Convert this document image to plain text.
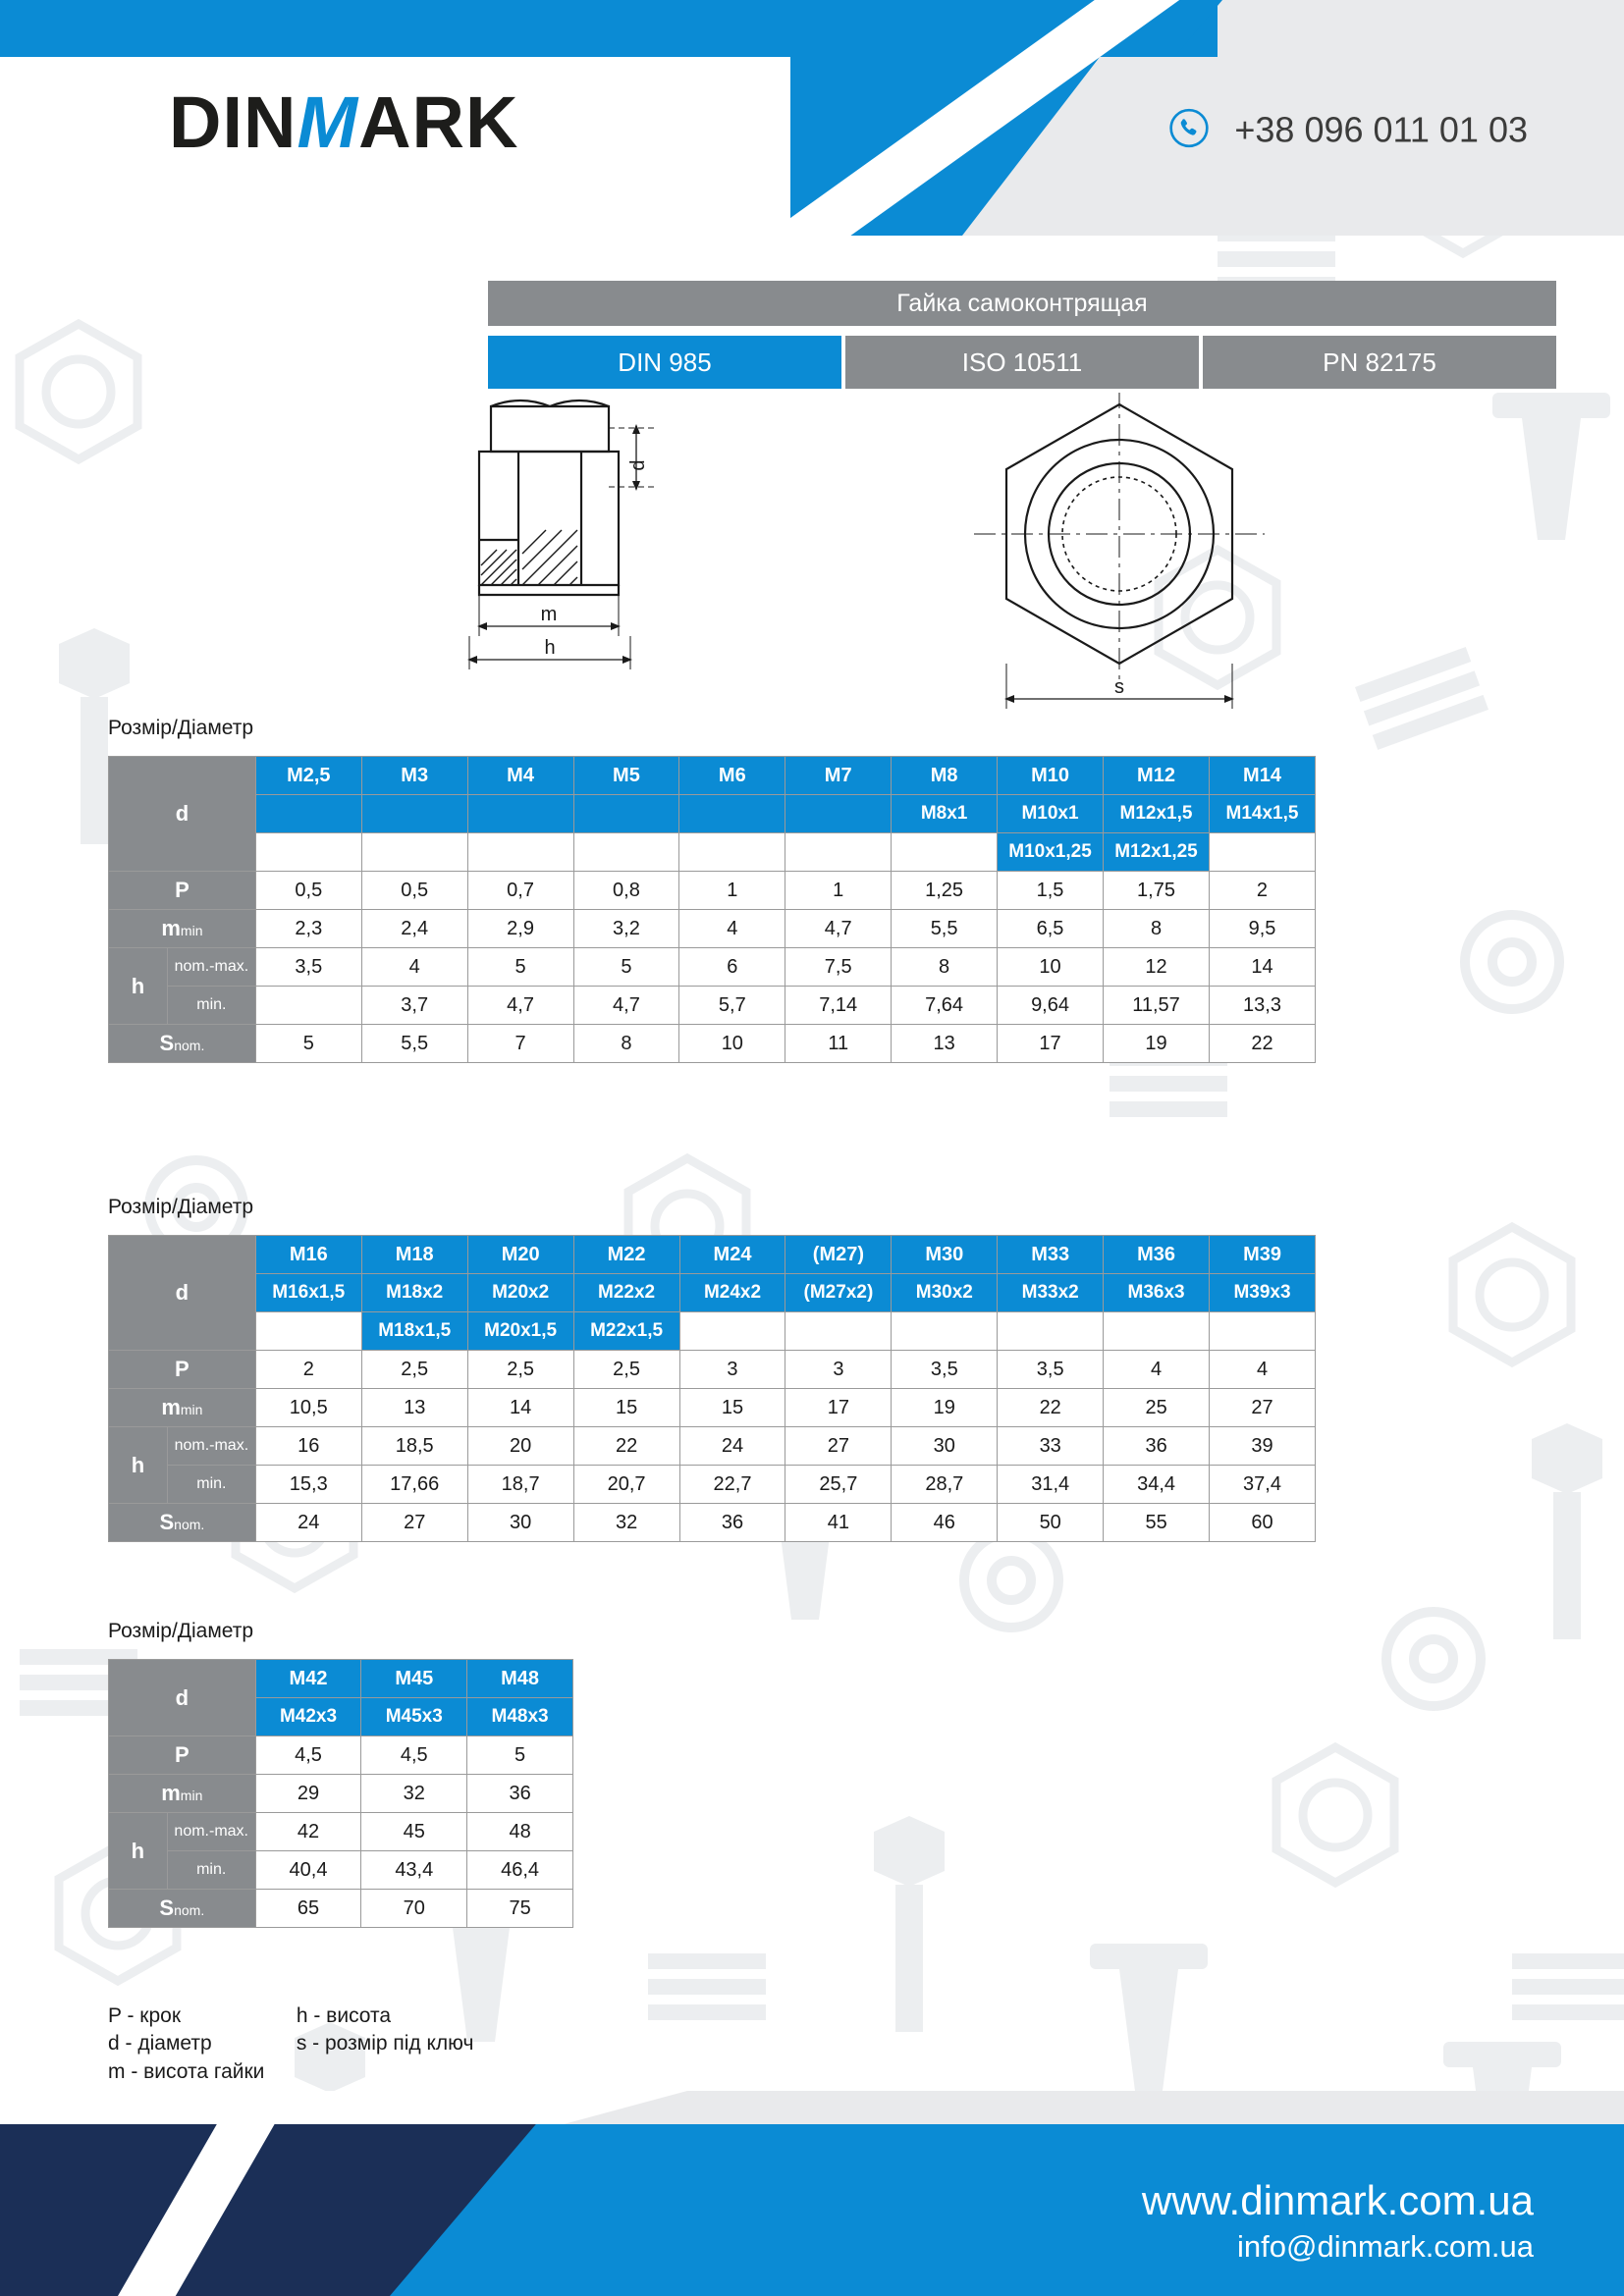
DINMARK	+38 096 011 01 03
Гайка самоконтрящая
DIN 985	ISO 10511	PN 82175
d
m
h
s
Розмір/Діаметр
d		M2,5	M3	M4	M5	M6	M7	M8	M10	M12	M14
								M8x1	M10x1	M12x1,5	M14x1,5
									M10x1,25	M12x1,25	
P		0,5	0,5	0,7	0,8	1	1	1,25	1,5	1,75	2
mmin		2,3	2,4	2,9	3,2	4	4,7	5,5	6,5	8	9,5
h	nom.-max.	3,5	4	5	5	6	7,5	8	10	12	14
	min.		3,7	4,7	4,7	5,7	7,14	7,64	9,64	11,57	13,3
Snom.		5	5,5	7	8	10	11	13	17	19	22
Розмір/Діаметр
d		M16	M18	M20	M22	M24	(M27)	M30	M33	M36	M39
		M16x1,5	M18x2	M20x2	M22x2	M24x2	(M27x2)	M30x2	M33x2	M36x3	M39x3
			M18x1,5	M20x1,5	M22x1,5						
P		2	2,5	2,5	2,5	3	3	3,5	3,5	4	4
mmin		10,5	13	14	15	15	17	19	22	25	27
h	nom.-max.	16	18,5	20	22	24	27	30	33	36	39
	min.	15,3	17,66	18,7	20,7	22,7	25,7	28,7	31,4	34,4	37,4
Snom.		24	27	30	32	36	41	46	50	55	60
Розмір/Діаметр
d		M42	M45	M48
		M42x3	M45x3	M48x3
P		4,5	4,5	5
mmin		29	32	36
h	nom.-max.	42	45	48
	min.	40,4	43,4	46,4
Snom.		65	70	75
P - крок
d - діаметр
m - висота гайки

h - висота
s - розмір під ключ
www.dinmark.com.ua
info@dinmark.com.ua
